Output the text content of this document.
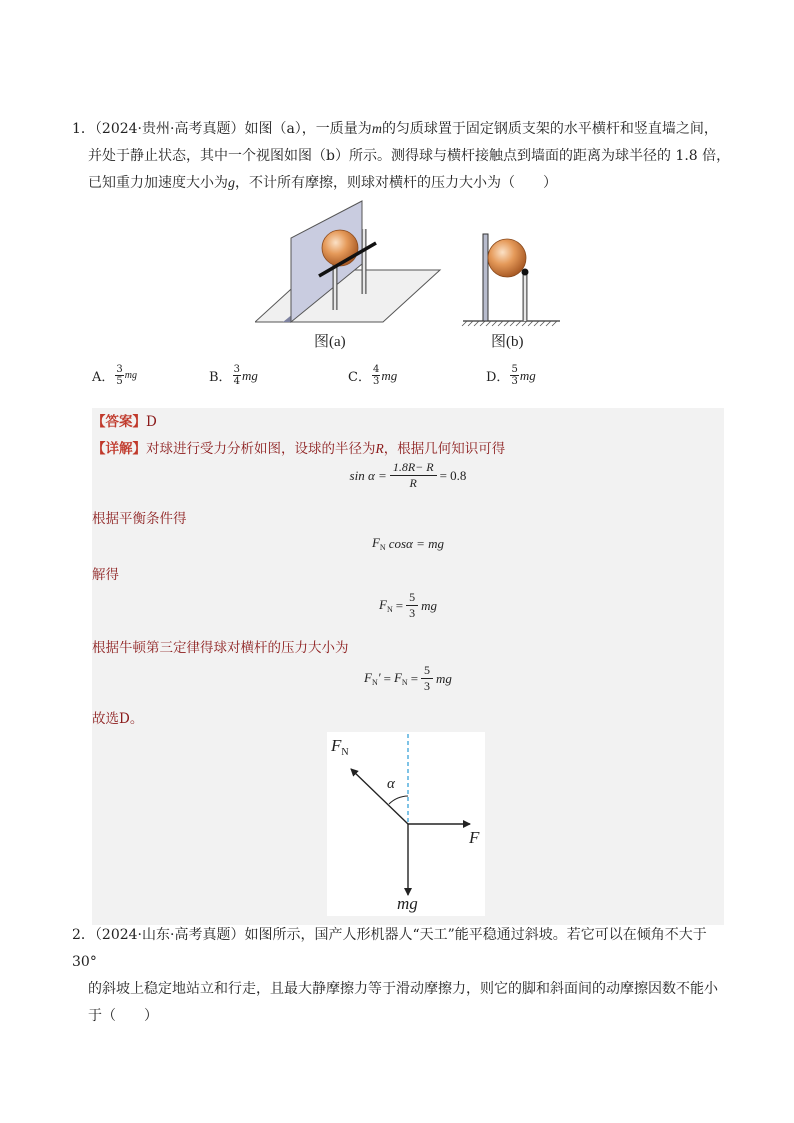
1．（2024·贵州·高考真题）如图（a），一质量为m的匀质球置于固定钢质支架的水平横杆和竖直墙之间，
并处于静止状态，其中一个视图如图（b）所示。测得球与横杆接触点到墙面的距离为球半径的 1.8 倍，
已知重力加速度大小为g，不计所有摩擦，则球对横杆的压力大小为（　　）
图(a)	图(b)
A． $\frac{3}{5}$ mg	B． $\frac{3}{4}$ mg	C． $\frac{4}{3}$ mg	D． $\frac{5}{3}$ mg
【答案】D
【详解】对球进行受力分析如图，设球的半径为R，根据几何知识可得
$\sin \alpha = \frac{1.8R- R}{R} = 0.8$
根据平衡条件得
$F_N$ cosα = mg
解得
$F_N = \frac{5}{3}$ mg
根据牛顿第三定律得球对横杆的压力大小为
$F_N' = F_N = \frac{5}{3}$ mg
故选D。
$F_N$
α
F
mg
2．（2024·山东·高考真题）如图所示，国产人形机器人“天工”能平稳通过斜坡。若它可以在倾角不大于 30°
的斜坡上稳定地站立和行走，且最大静摩擦力等于滑动摩擦力，则它的脚和斜面间的动摩擦因数不能小
于（　　）
